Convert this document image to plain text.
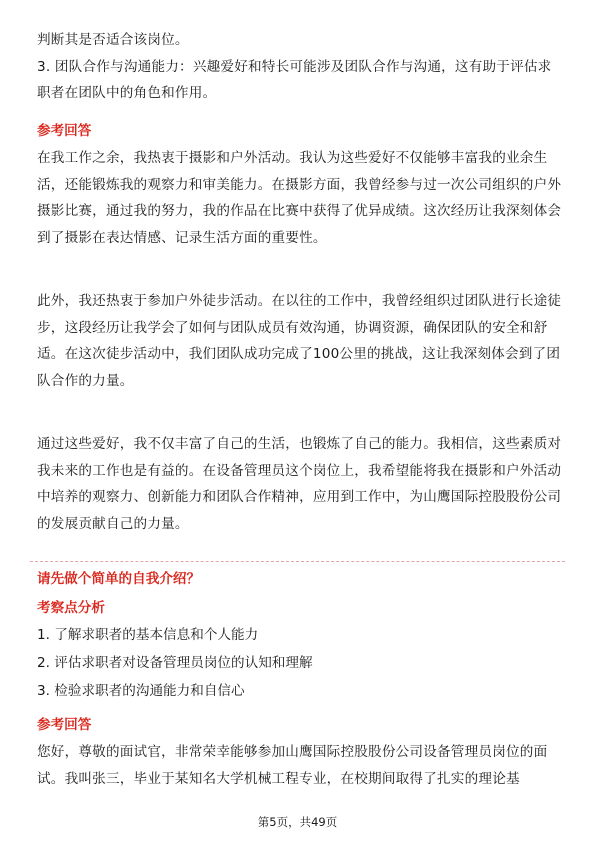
判断其是否适合该岗位。

3. 团队合作与沟通能力：兴趣爱好和特长可能涉及团队合作与沟通，这有助于评估求职者在团队中的角色和作用。

参考回答

在我工作之余，我热衷于摄影和户外活动。我认为这些爱好不仅能够丰富我的业余生活，还能锻炼我的观察力和审美能力。在摄影方面，我曾经参与过一次公司组织的户外摄影比赛，通过我的努力，我的作品在比赛中获得了优异成绩。这次经历让我深刻体会到了摄影在表达情感、记录生活方面的重要性。

此外，我还热衷于参加户外徒步活动。在以往的工作中，我曾经组织过团队进行长途徒步，这段经历让我学会了如何与团队成员有效沟通，协调资源，确保团队的安全和舒适。在这次徒步活动中，我们团队成功完成了100公里的挑战，这让我深刻体会到了团队合作的力量。

通过这些爱好，我不仅丰富了自己的生活，也锻炼了自己的能力。我相信，这些素质对我未来的工作也是有益的。在设备管理员这个岗位上，我希望能将我在摄影和户外活动中培养的观察力、创新能力和团队合作精神，应用到工作中，为山鹰国际控股股份公司的发展贡献自己的力量。

请先做个简单的自我介绍？

考察点分析

1. 了解求职者的基本信息和个人能力

2. 评估求职者对设备管理员岗位的认知和理解

3. 检验求职者的沟通能力和自信心

参考回答

您好，尊敬的面试官，非常荣幸能够参加山鹰国际控股股份公司设备管理员岗位的面试。我叫张三，毕业于某知名大学机械工程专业，在校期间取得了扎实的理论基

第5页，共49页
